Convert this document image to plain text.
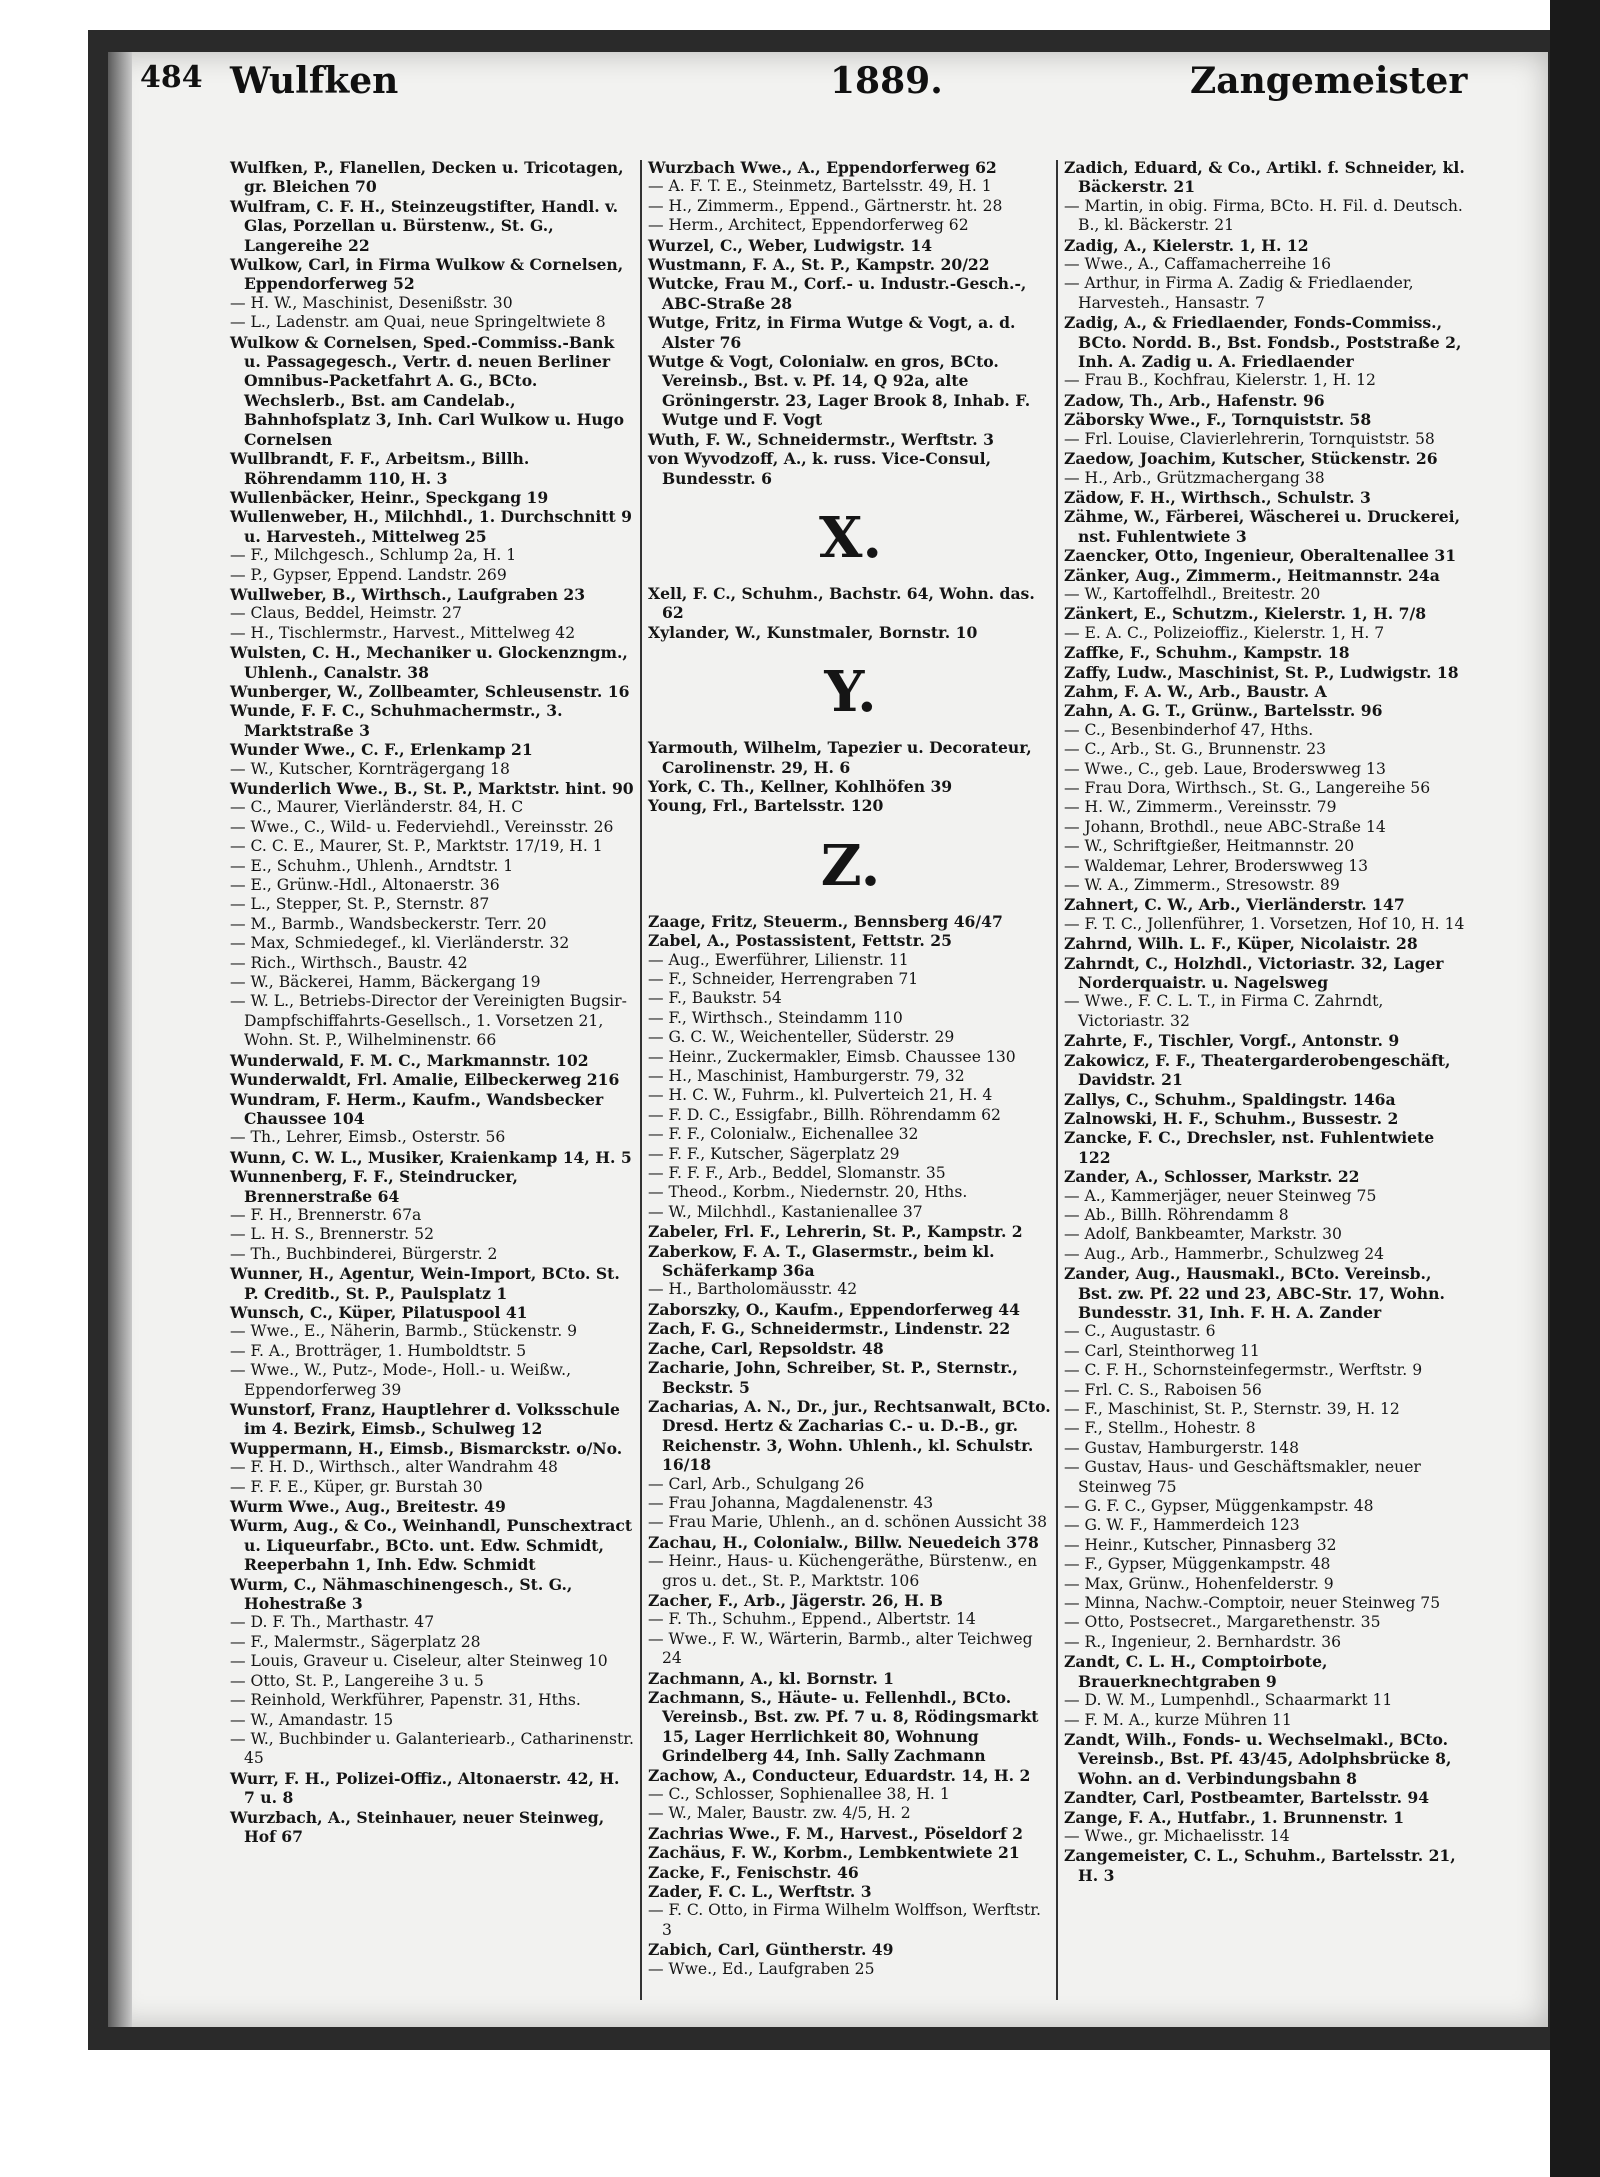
484 Wulfken	1889.	Zangemeister

Wulfken, P., Flanellen, Decken u. Tricotagen, gr. Bleichen 70

Wulfram, C. F. H., Steinzeugstifter, Handl. v. Glas, Porzellan u. Bürstenw., St. G., Langereihe 22

Wulkow, Carl, in Firma Wulkow & Cornelsen, Eppendorferweg 52

— H. W., Maschinist, Desenißstr. 30

— L., Ladenstr. am Quai, neue Springeltwiete 8

Wulkow & Cornelsen, Sped.-Commiss.-Bank u. Passagegesch., Vertr. d. neuen Berliner Omnibus-Packetfahrt A. G., BCto. Wechslerb., Bst. am Candelab., Bahnhofsplatz 3, Inh. Carl Wulkow u. Hugo Cornelsen

Wullbrandt, F. F., Arbeitsm., Billh. Röhrendamm 110, H. 3

Wullenbäcker, Heinr., Speckgang 19

Wullenweber, H., Milchhdl., 1. Durchschnitt 9 u. Harvesteh., Mittelweg 25

— F., Milchgesch., Schlump 2a, H. 1

— P., Gypser, Eppend. Landstr. 269

Wullweber, B., Wirthsch., Laufgraben 23

— Claus, Beddel, Heimstr. 27

— H., Tischlermstr., Harvest., Mittelweg 42

Wulsten, C. H., Mechaniker u. Glockenzngm., Uhlenh., Canalstr. 38

Wunberger, W., Zollbeamter, Schleusenstr. 16

Wunde, F. F. C., Schuhmachermstr., 3. Marktstraße 3

Wunder Wwe., C. F., Erlenkamp 21

— W., Kutscher, Kornträgergang 18

Wunderlich Wwe., B., St. P., Marktstr. hint. 90

— C., Maurer, Vierländerstr. 84, H. C

— Wwe., C., Wild- u. Federviehdl., Vereinsstr. 26

— C. C. E., Maurer, St. P., Marktstr. 17/19, H. 1

— E., Schuhm., Uhlenh., Arndtstr. 1

— E., Grünw.-Hdl., Altonaerstr. 36

— L., Stepper, St. P., Sternstr. 87

— M., Barmb., Wandsbeckerstr. Terr. 20

— Max, Schmiedegef., kl. Vierländerstr. 32

— Rich., Wirthsch., Baustr. 42

— W., Bäckerei, Hamm, Bäckergang 19

— W. L., Betriebs-Director der Vereinigten Bugsir-Dampfschiffahrts-Gesellsch., 1. Vorsetzen 21, Wohn. St. P., Wilhelminenstr. 66

Wunderwald, F. M. C., Markmannstr. 102

Wunderwaldt, Frl. Amalie, Eilbeckerweg 216

Wundram, F. Herm., Kaufm., Wandsbecker Chaussee 104

— Th., Lehrer, Eimsb., Osterstr. 56

Wunn, C. W. L., Musiker, Kraienkamp 14, H. 5

Wunnenberg, F. F., Steindrucker, Brennerstraße 64

— F. H., Brennerstr. 67a

— L. H. S., Brennerstr. 52

— Th., Buchbinderei, Bürgerstr. 2

Wunner, H., Agentur, Wein-Import, BCto. St. P. Creditb., St. P., Paulsplatz 1

Wunsch, C., Küper, Pilatuspool 41

— Wwe., E., Näherin, Barmb., Stückenstr. 9

— F. A., Brotträger, 1. Humboldtstr. 5

— Wwe., W., Putz-, Mode-, Holl.- u. Weißw., Eppendorferweg 39

Wunstorf, Franz, Hauptlehrer d. Volksschule im 4. Bezirk, Eimsb., Schulweg 12

Wuppermann, H., Eimsb., Bismarckstr. o/No.

— F. H. D., Wirthsch., alter Wandrahm 48

— F. F. E., Küper, gr. Burstah 30

Wurm Wwe., Aug., Breitestr. 49

Wurm, Aug., & Co., Weinhandl, Punschextract u. Liqueurfabr., BCto. unt. Edw. Schmidt, Reeperbahn 1, Inh. Edw. Schmidt

Wurm, C., Nähmaschinengesch., St. G., Hohestraße 3

— D. F. Th., Marthastr. 47

— F., Malermstr., Sägerplatz 28

— Louis, Graveur u. Ciseleur, alter Steinweg 10

— Otto, St. P., Langereihe 3 u. 5

— Reinhold, Werkführer, Papenstr. 31, Hths.

— W., Amandastr. 15

— W., Buchbinder u. Galanteriearb., Catharinenstr. 45

Wurr, F. H., Polizei-Offiz., Altonaerstr. 42, H. 7 u. 8

Wurzbach, A., Steinhauer, neuer Steinweg, Hof 67

Wurzbach Wwe., A., Eppendorferweg 62

— A. F. T. E., Steinmetz, Bartelsstr. 49, H. 1

— H., Zimmerm., Eppend., Gärtnerstr. ht. 28

— Herm., Architect, Eppendorferweg 62

Wurzel, C., Weber, Ludwigstr. 14

Wustmann, F. A., St. P., Kampstr. 20/22

Wutcke, Frau M., Corf.- u. Industr.-Gesch.-, ABC-Straße 28

Wutge, Fritz, in Firma Wutge & Vogt, a. d. Alster 76

Wutge & Vogt, Colonialw. en gros, BCto. Vereinsb., Bst. v. Pf. 14, Q 92a, alte Gröningerstr. 23, Lager Brook 8, Inhab. F. Wutge und F. Vogt

Wuth, F. W., Schneidermstr., Werftstr. 3

von Wyvodzoff, A., k. russ. Vice-Consul, Bundesstr. 6

X.

Xell, F. C., Schuhm., Bachstr. 64, Wohn. das. 62

Xylander, W., Kunstmaler, Bornstr. 10

Y.

Yarmouth, Wilhelm, Tapezier u. Decorateur, Carolinenstr. 29, H. 6

York, C. Th., Kellner, Kohlhöfen 39

Young, Frl., Bartelsstr. 120

Z.

Zaage, Fritz, Steuerm., Bennsberg 46/47

Zabel, A., Postassistent, Fettstr. 25

— Aug., Ewerführer, Lilienstr. 11

— F., Schneider, Herrengraben 71

— F., Baukstr. 54

— F., Wirthsch., Steindamm 110

— G. C. W., Weichenteller, Süderstr. 29

— Heinr., Zuckermakler, Eimsb. Chaussee 130

— H., Maschinist, Hamburgerstr. 79, 32

— H. C. W., Fuhrm., kl. Pulverteich 21, H. 4

— F. D. C., Essigfabr., Billh. Röhrendamm 62

— F. F., Colonialw., Eichenallee 32

— F. F., Kutscher, Sägerplatz 29

— F. F. F., Arb., Beddel, Slomanstr. 35

— Theod., Korbm., Niedernstr. 20, Hths.

— W., Milchhdl., Kastanienallee 37

Zabeler, Frl. F., Lehrerin, St. P., Kampstr. 2

Zaberkow, F. A. T., Glasermstr., beim kl. Schäferkamp 36a

— H., Bartholomäusstr. 42

Zaborszky, O., Kaufm., Eppendorferweg 44

Zach, F. G., Schneidermstr., Lindenstr. 22

Zache, Carl, Repsoldstr. 48

Zacharie, John, Schreiber, St. P., Sternstr., Beckstr. 5

Zacharias, A. N., Dr., jur., Rechtsanwalt, BCto. Dresd. Hertz & Zacharias C.- u. D.-B., gr. Reichenstr. 3, Wohn. Uhlenh., kl. Schulstr. 16/18

— Carl, Arb., Schulgang 26

— Frau Johanna, Magdalenenstr. 43

— Frau Marie, Uhlenh., an d. schönen Aussicht 38

Zachau, H., Colonialw., Billw. Neuedeich 378

— Heinr., Haus- u. Küchengeräthe, Bürstenw., en gros u. det., St. P., Marktstr. 106

Zacher, F., Arb., Jägerstr. 26, H. B

— F. Th., Schuhm., Eppend., Albertstr. 14

— Wwe., F. W., Wärterin, Barmb., alter Teichweg 24

Zachmann, A., kl. Bornstr. 1

Zachmann, S., Häute- u. Fellenhdl., BCto. Vereinsb., Bst. zw. Pf. 7 u. 8, Rödingsmarkt 15, Lager Herrlichkeit 80, Wohnung Grindelberg 44, Inh. Sally Zachmann

Zachow, A., Conducteur, Eduardstr. 14, H. 2

— C., Schlosser, Sophienallee 38, H. 1

— W., Maler, Baustr. zw. 4/5, H. 2

Zachrias Wwe., F. M., Harvest., Pöseldorf 2

Zachäus, F. W., Korbm., Lembkentwiete 21

Zacke, F., Fenischstr. 46

Zader, F. C. L., Werftstr. 3

— F. C. Otto, in Firma Wilhelm Wolffson, Werftstr. 3

Zabich, Carl, Güntherstr. 49

— Wwe., Ed., Laufgraben 25

Zadich, Eduard, & Co., Artikl. f. Schneider, kl. Bäckerstr. 21

— Martin, in obig. Firma, BCto. H. Fil. d. Deutsch. B., kl. Bäckerstr. 21

Zadig, A., Kielerstr. 1, H. 12

— Wwe., A., Caffamacherreihe 16

— Arthur, in Firma A. Zadig & Friedlaender, Harvesteh., Hansastr. 7

Zadig, A., & Friedlaender, Fonds-Commiss., BCto. Nordd. B., Bst. Fondsb., Poststraße 2, Inh. A. Zadig u. A. Friedlaender

— Frau B., Kochfrau, Kielerstr. 1, H. 12

Zadow, Th., Arb., Hafenstr. 96

Zäborsky Wwe., F., Tornquiststr. 58

— Frl. Louise, Clavierlehrerin, Tornquiststr. 58

Zaedow, Joachim, Kutscher, Stückenstr. 26

— H., Arb., Grützmachergang 38

Zädow, F. H., Wirthsch., Schulstr. 3

Zähme, W., Färberei, Wäscherei u. Druckerei, nst. Fuhlentwiete 3

Zaencker, Otto, Ingenieur, Oberaltenallee 31

Zänker, Aug., Zimmerm., Heitmannstr. 24a

— W., Kartoffelhdl., Breitestr. 20

Zänkert, E., Schutzm., Kielerstr. 1, H. 7/8

— E. A. C., Polizeioffiz., Kielerstr. 1, H. 7

Zaffke, F., Schuhm., Kampstr. 18

Zaffy, Ludw., Maschinist, St. P., Ludwigstr. 18

Zahm, F. A. W., Arb., Baustr. A

Zahn, A. G. T., Grünw., Bartelsstr. 96

— C., Besenbinderhof 47, Hths.

— C., Arb., St. G., Brunnenstr. 23

— Wwe., C., geb. Laue, Broderswweg 13

— Frau Dora, Wirthsch., St. G., Langereihe 56

— H. W., Zimmerm., Vereinsstr. 79

— Johann, Brothdl., neue ABC-Straße 14

— W., Schriftgießer, Heitmannstr. 20

— Waldemar, Lehrer, Broderswweg 13

— W. A., Zimmerm., Stresowstr. 89

Zahnert, C. W., Arb., Vierländerstr. 147

— F. T. C., Jollenführer, 1. Vorsetzen, Hof 10, H. 14

Zahrnd, Wilh. L. F., Küper, Nicolaistr. 28

Zahrndt, C., Holzhdl., Victoriastr. 32, Lager Norderquaistr. u. Nagelsweg

— Wwe., F. C. L. T., in Firma C. Zahrndt, Victoriastr. 32

Zahrte, F., Tischler, Vorgf., Antonstr. 9

Zakowicz, F. F., Theatergarderobengeschäft, Davidstr. 21

Zallys, C., Schuhm., Spaldingstr. 146a

Zalnowski, H. F., Schuhm., Bussestr. 2

Zancke, F. C., Drechsler, nst. Fuhlentwiete 122

Zander, A., Schlosser, Markstr. 22

— A., Kammerjäger, neuer Steinweg 75

— Ab., Billh. Röhrendamm 8

— Adolf, Bankbeamter, Markstr. 30

— Aug., Arb., Hammerbr., Schulzweg 24

Zander, Aug., Hausmakl., BCto. Vereinsb., Bst. zw. Pf. 22 und 23, ABC-Str. 17, Wohn. Bundesstr. 31, Inh. F. H. A. Zander

— C., Augustastr. 6

— Carl, Steinthorweg 11

— C. F. H., Schornsteinfegermstr., Werftstr. 9

— Frl. C. S., Raboisen 56

— F., Maschinist, St. P., Sternstr. 39, H. 12

— F., Stellm., Hohestr. 8

— Gustav, Hamburgerstr. 148

— Gustav, Haus- und Geschäftsmakler, neuer Steinweg 75

— G. F. C., Gypser, Müggenkampstr. 48

— G. W. F., Hammerdeich 123

— Heinr., Kutscher, Pinnasberg 32

— F., Gypser, Müggenkampstr. 48

— Max, Grünw., Hohenfelderstr. 9

— Minna, Nachw.-Comptoir, neuer Steinweg 75

— Otto, Postsecret., Margarethenstr. 35

— R., Ingenieur, 2. Bernhardstr. 36

Zandt, C. L. H., Comptoirbote, Brauerknechtgraben 9

— D. W. M., Lumpenhdl., Schaarmarkt 11

— F. M. A., kurze Mühren 11

Zandt, Wilh., Fonds- u. Wechselmakl., BCto. Vereinsb., Bst. Pf. 43/45, Adolphsbrücke 8, Wohn. an d. Verbindungsbahn 8

Zandter, Carl, Postbeamter, Bartelsstr. 94

Zange, F. A., Hutfabr., 1. Brunnenstr. 1

— Wwe., gr. Michaelisstr. 14

Zangemeister, C. L., Schuhm., Bartelsstr. 21, H. 3
